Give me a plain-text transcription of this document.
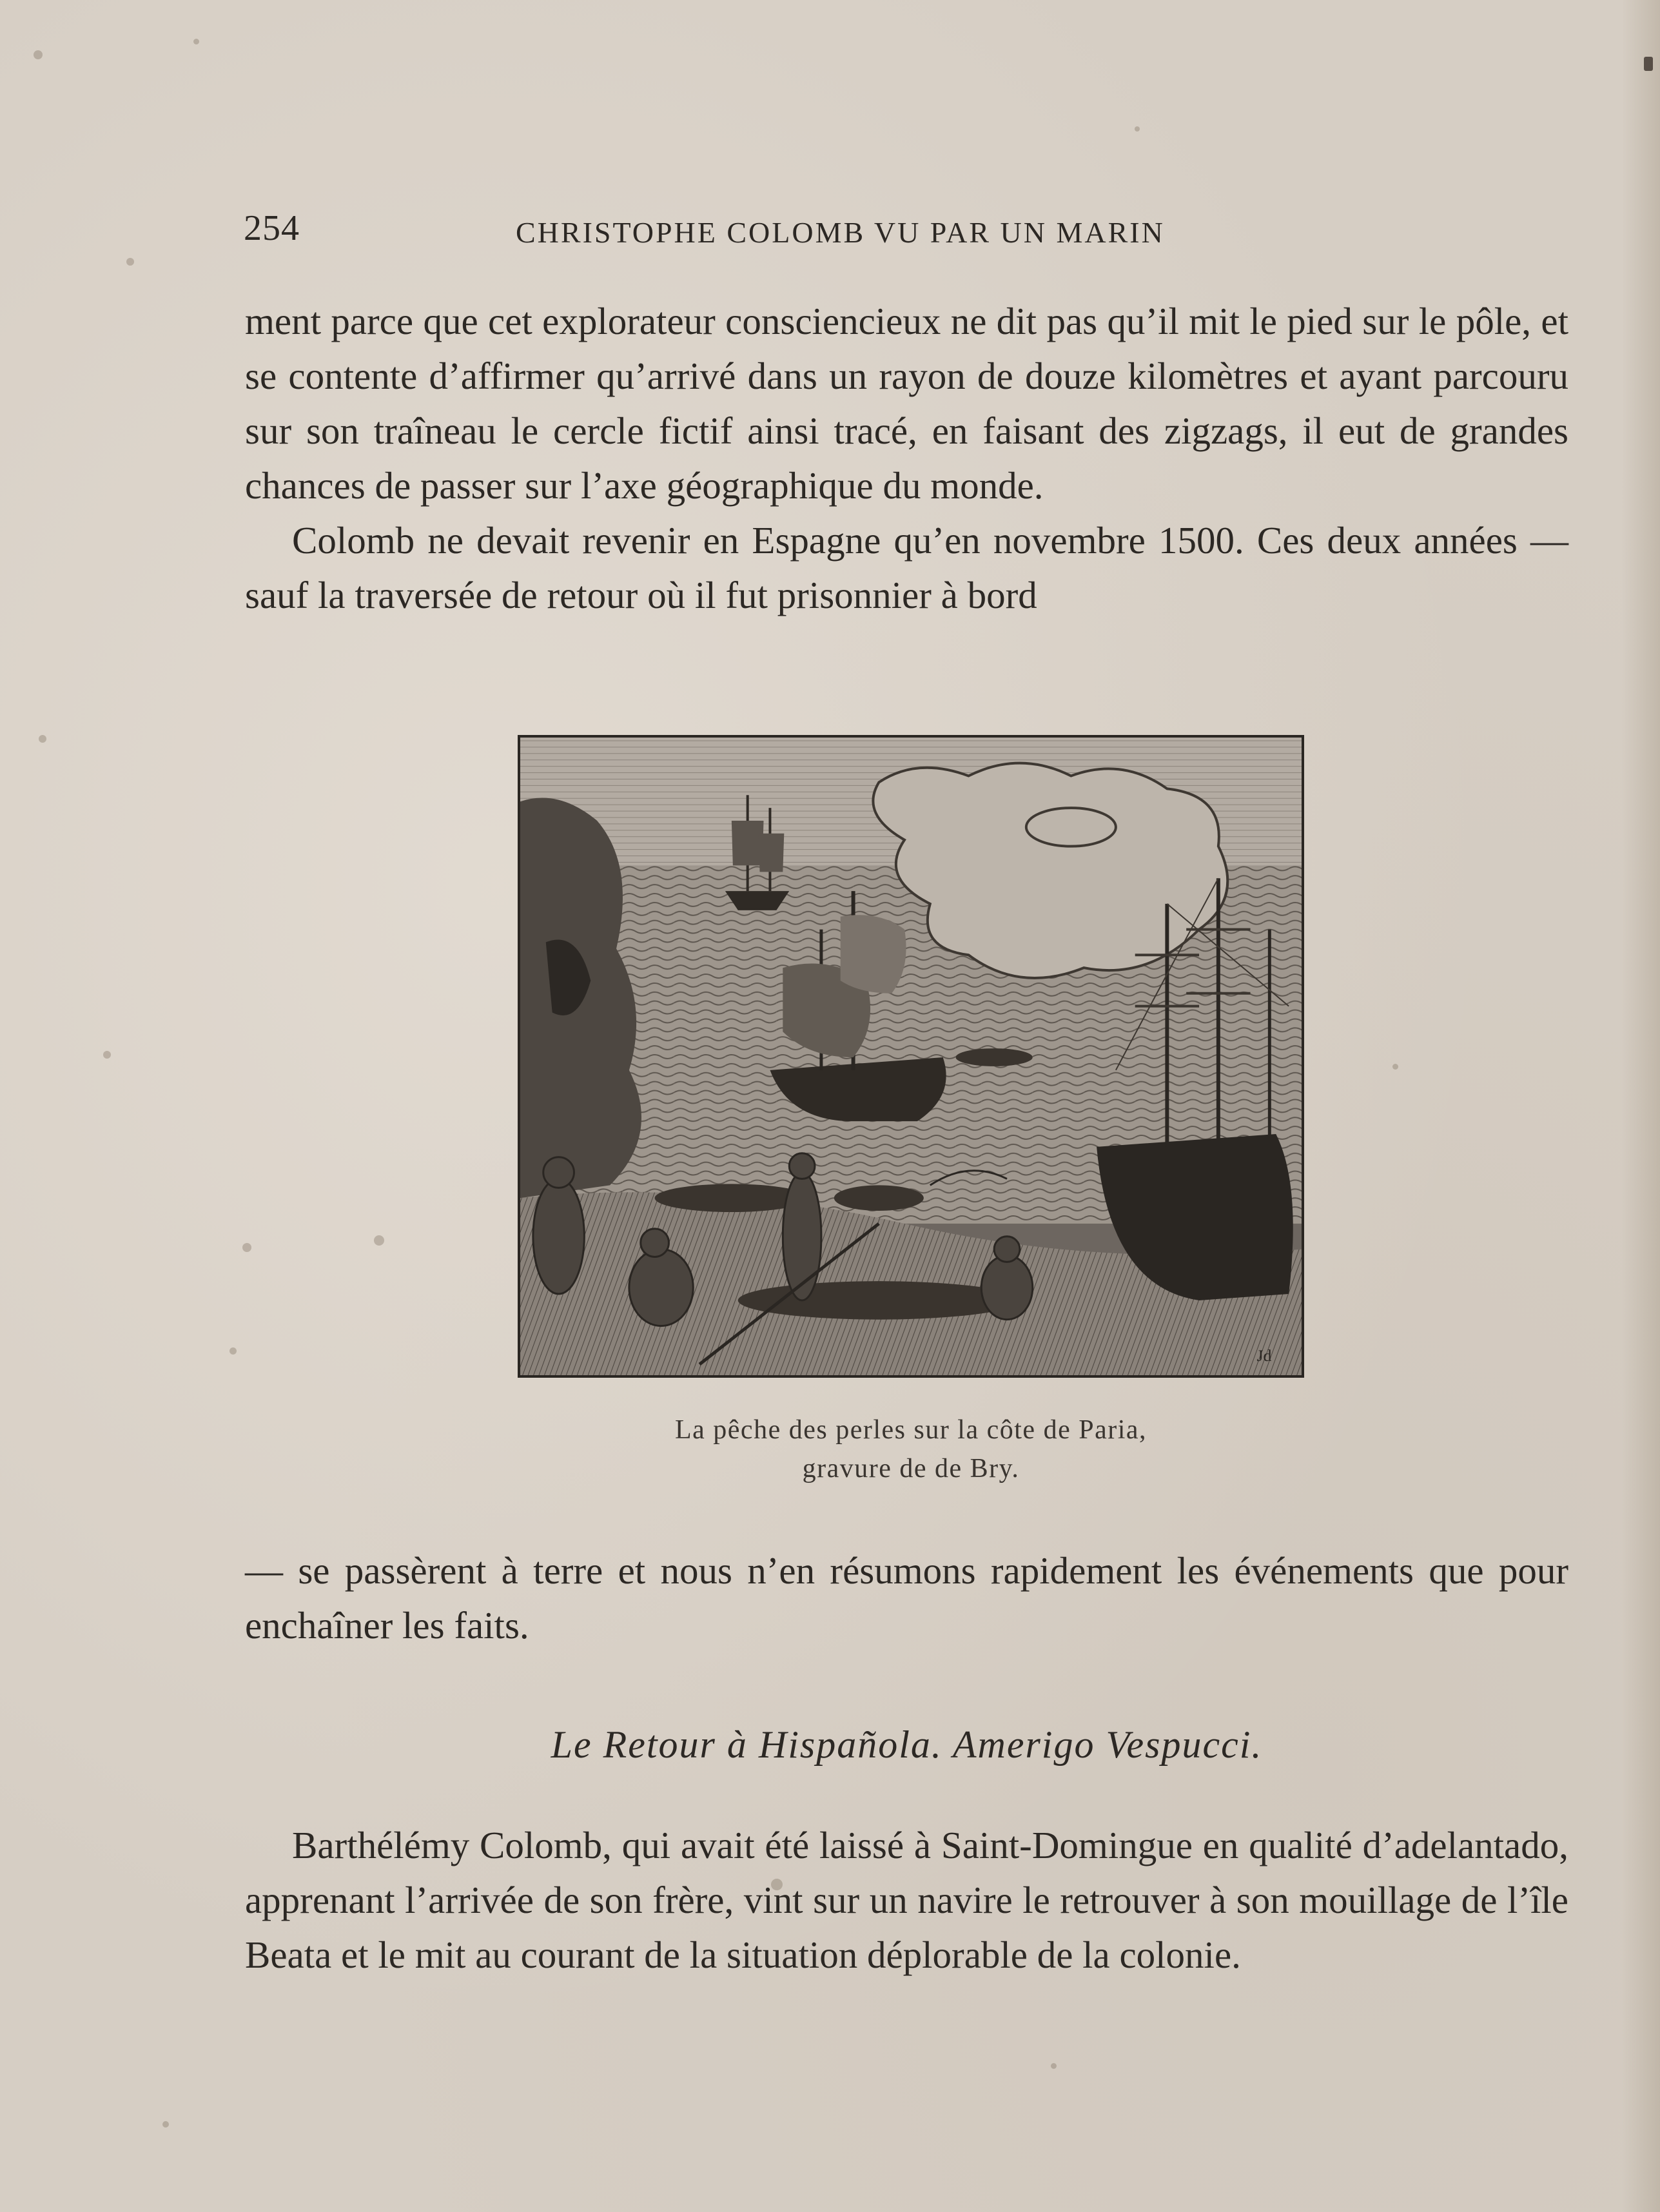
254	CHRISTOPHE COLOMB VU PAR UN MARIN

ment parce que cet explorateur consciencieux ne dit pas qu’il mit le pied sur le pôle, et se contente d’affirmer qu’arrivé dans un rayon de douze kilomètres et ayant parcouru sur son traîneau le cercle fictif ainsi tracé, en faisant des zigzags, il eut de grandes chances de passer sur l’axe géographique du monde.

Colomb ne devait revenir en Espagne qu’en novembre 1500. Ces deux années — sauf la traversée de retour où il fut prisonnier à bord

Jd
La pêche des perles sur la côte de Paria,
gravure de de Bry.

— se passèrent à terre et nous n’en résumons rapidement les événements que pour enchaîner les faits.

Le Retour à Hispañola. Amerigo Vespucci.

Barthélémy Colomb, qui avait été laissé à Saint-Domingue en qualité d’adelantado, apprenant l’arrivée de son frère, vint sur un navire le retrouver à son mouillage de l’île Beata et le mit au courant de la situation déplorable de la colonie.
